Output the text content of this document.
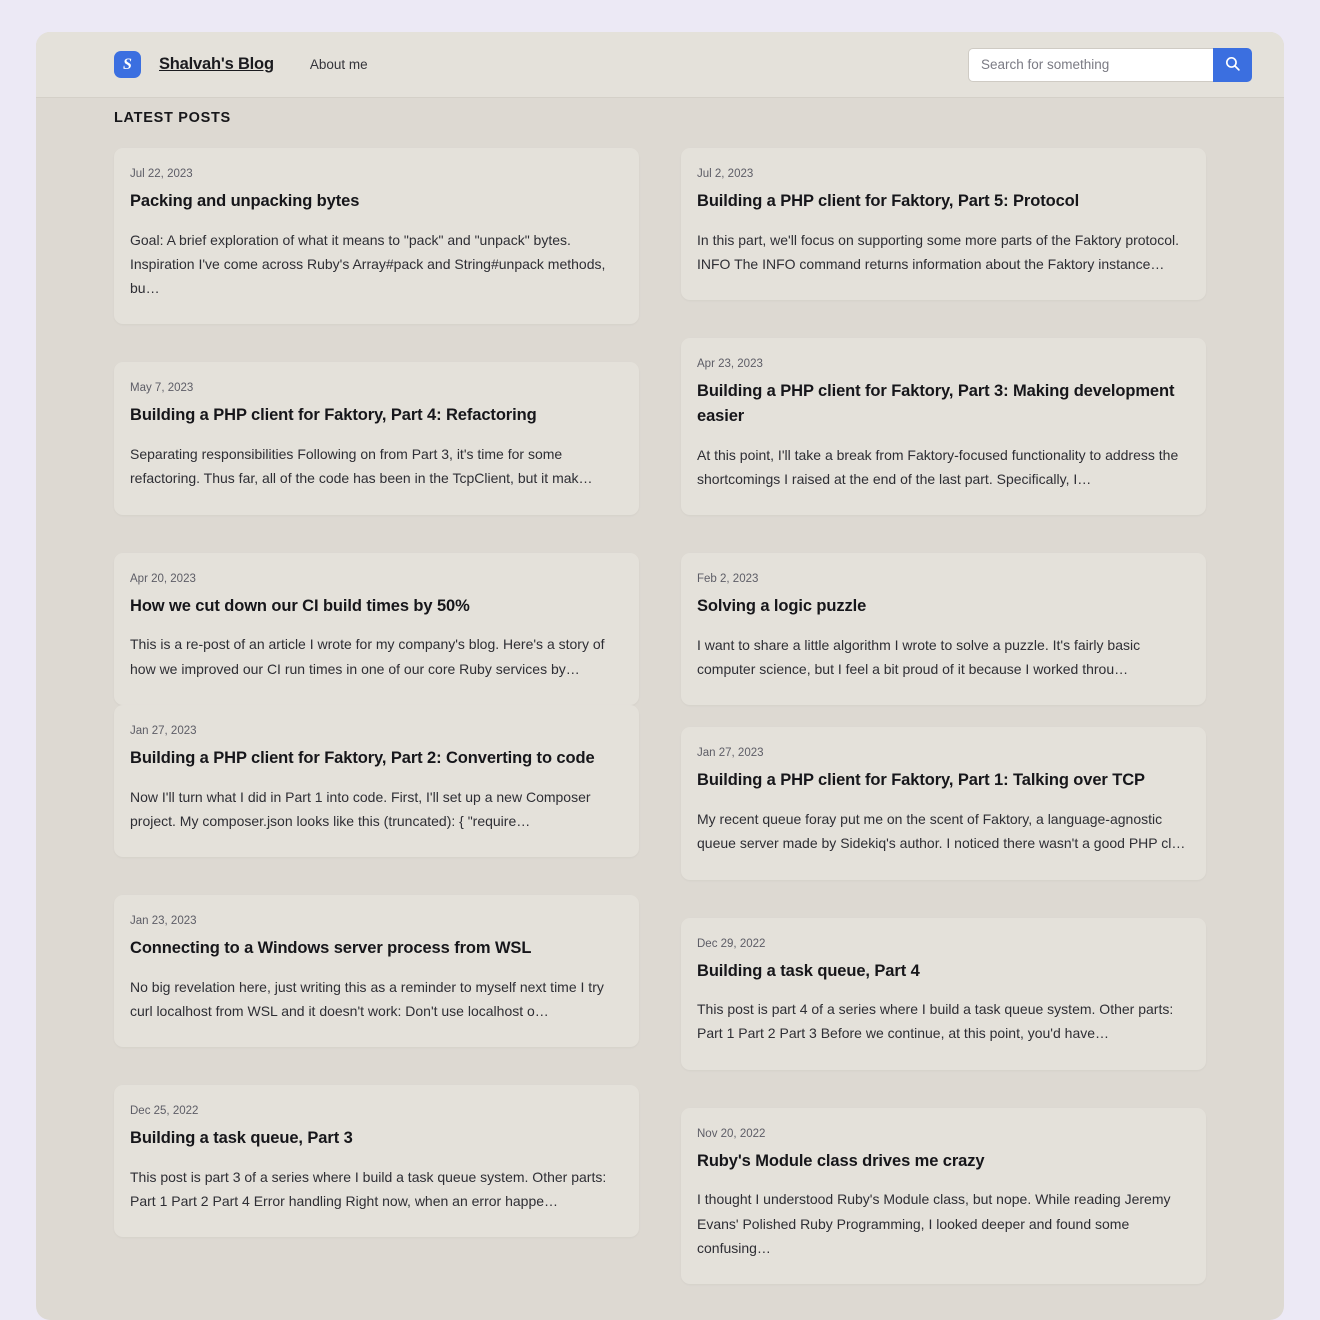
S	Shalvah's Blog	About me
Search for something
LATEST POSTS
Jul 22, 2023
Packing and unpacking bytes

Goal: A brief exploration of what it means to "pack" and "unpack" bytes. Inspiration I've come across Ruby's Array#pack and String#unpack methods, bu…

May 7, 2023
Building a PHP client for Faktory, Part 4: Refactoring

Separating responsibilities Following on from Part 3, it's time for some refactoring. Thus far, all of the code has been in the TcpClient, but it mak…

Apr 20, 2023
How we cut down our CI build times by 50%

This is a re-post of an article I wrote for my company's blog. Here's a story of how we improved our CI run times in one of our core Ruby services by…

Jan 27, 2023
Building a PHP client for Faktory, Part 2: Converting to code

Now I'll turn what I did in Part 1 into code. First, I'll set up a new Composer project. My composer.json looks like this (truncated): { "require…

Jan 23, 2023
Connecting to a Windows server process from WSL

No big revelation here, just writing this as a reminder to myself next time I try curl localhost from WSL and it doesn't work: Don't use localhost o…

Dec 25, 2022
Building a task queue, Part 3

This post is part 3 of a series where I build a task queue system. Other parts: Part 1 Part 2 Part 4 Error handling Right now, when an error happe…

Jul 2, 2023
Building a PHP client for Faktory, Part 5: Protocol

In this part, we'll focus on supporting some more parts of the Faktory protocol. INFO The INFO command returns information about the Faktory instance…

Apr 23, 2023
Building a PHP client for Faktory, Part 3: Making development easier

At this point, I'll take a break from Faktory-focused functionality to address the shortcomings I raised at the end of the last part. Specifically, I…

Feb 2, 2023
Solving a logic puzzle

I want to share a little algorithm I wrote to solve a puzzle. It's fairly basic computer science, but I feel a bit proud of it because I worked throu…

Jan 27, 2023
Building a PHP client for Faktory, Part 1: Talking over TCP

My recent queue foray put me on the scent of Faktory, a language-agnostic queue server made by Sidekiq's author. I noticed there wasn't a good PHP cl…

Dec 29, 2022
Building a task queue, Part 4

This post is part 4 of a series where I build a task queue system. Other parts: Part 1 Part 2 Part 3 Before we continue, at this point, you'd have…

Nov 20, 2022
Ruby's Module class drives me crazy

I thought I understood Ruby's Module class, but nope. While reading Jeremy Evans' Polished Ruby Programming, I looked deeper and found some confusing…
